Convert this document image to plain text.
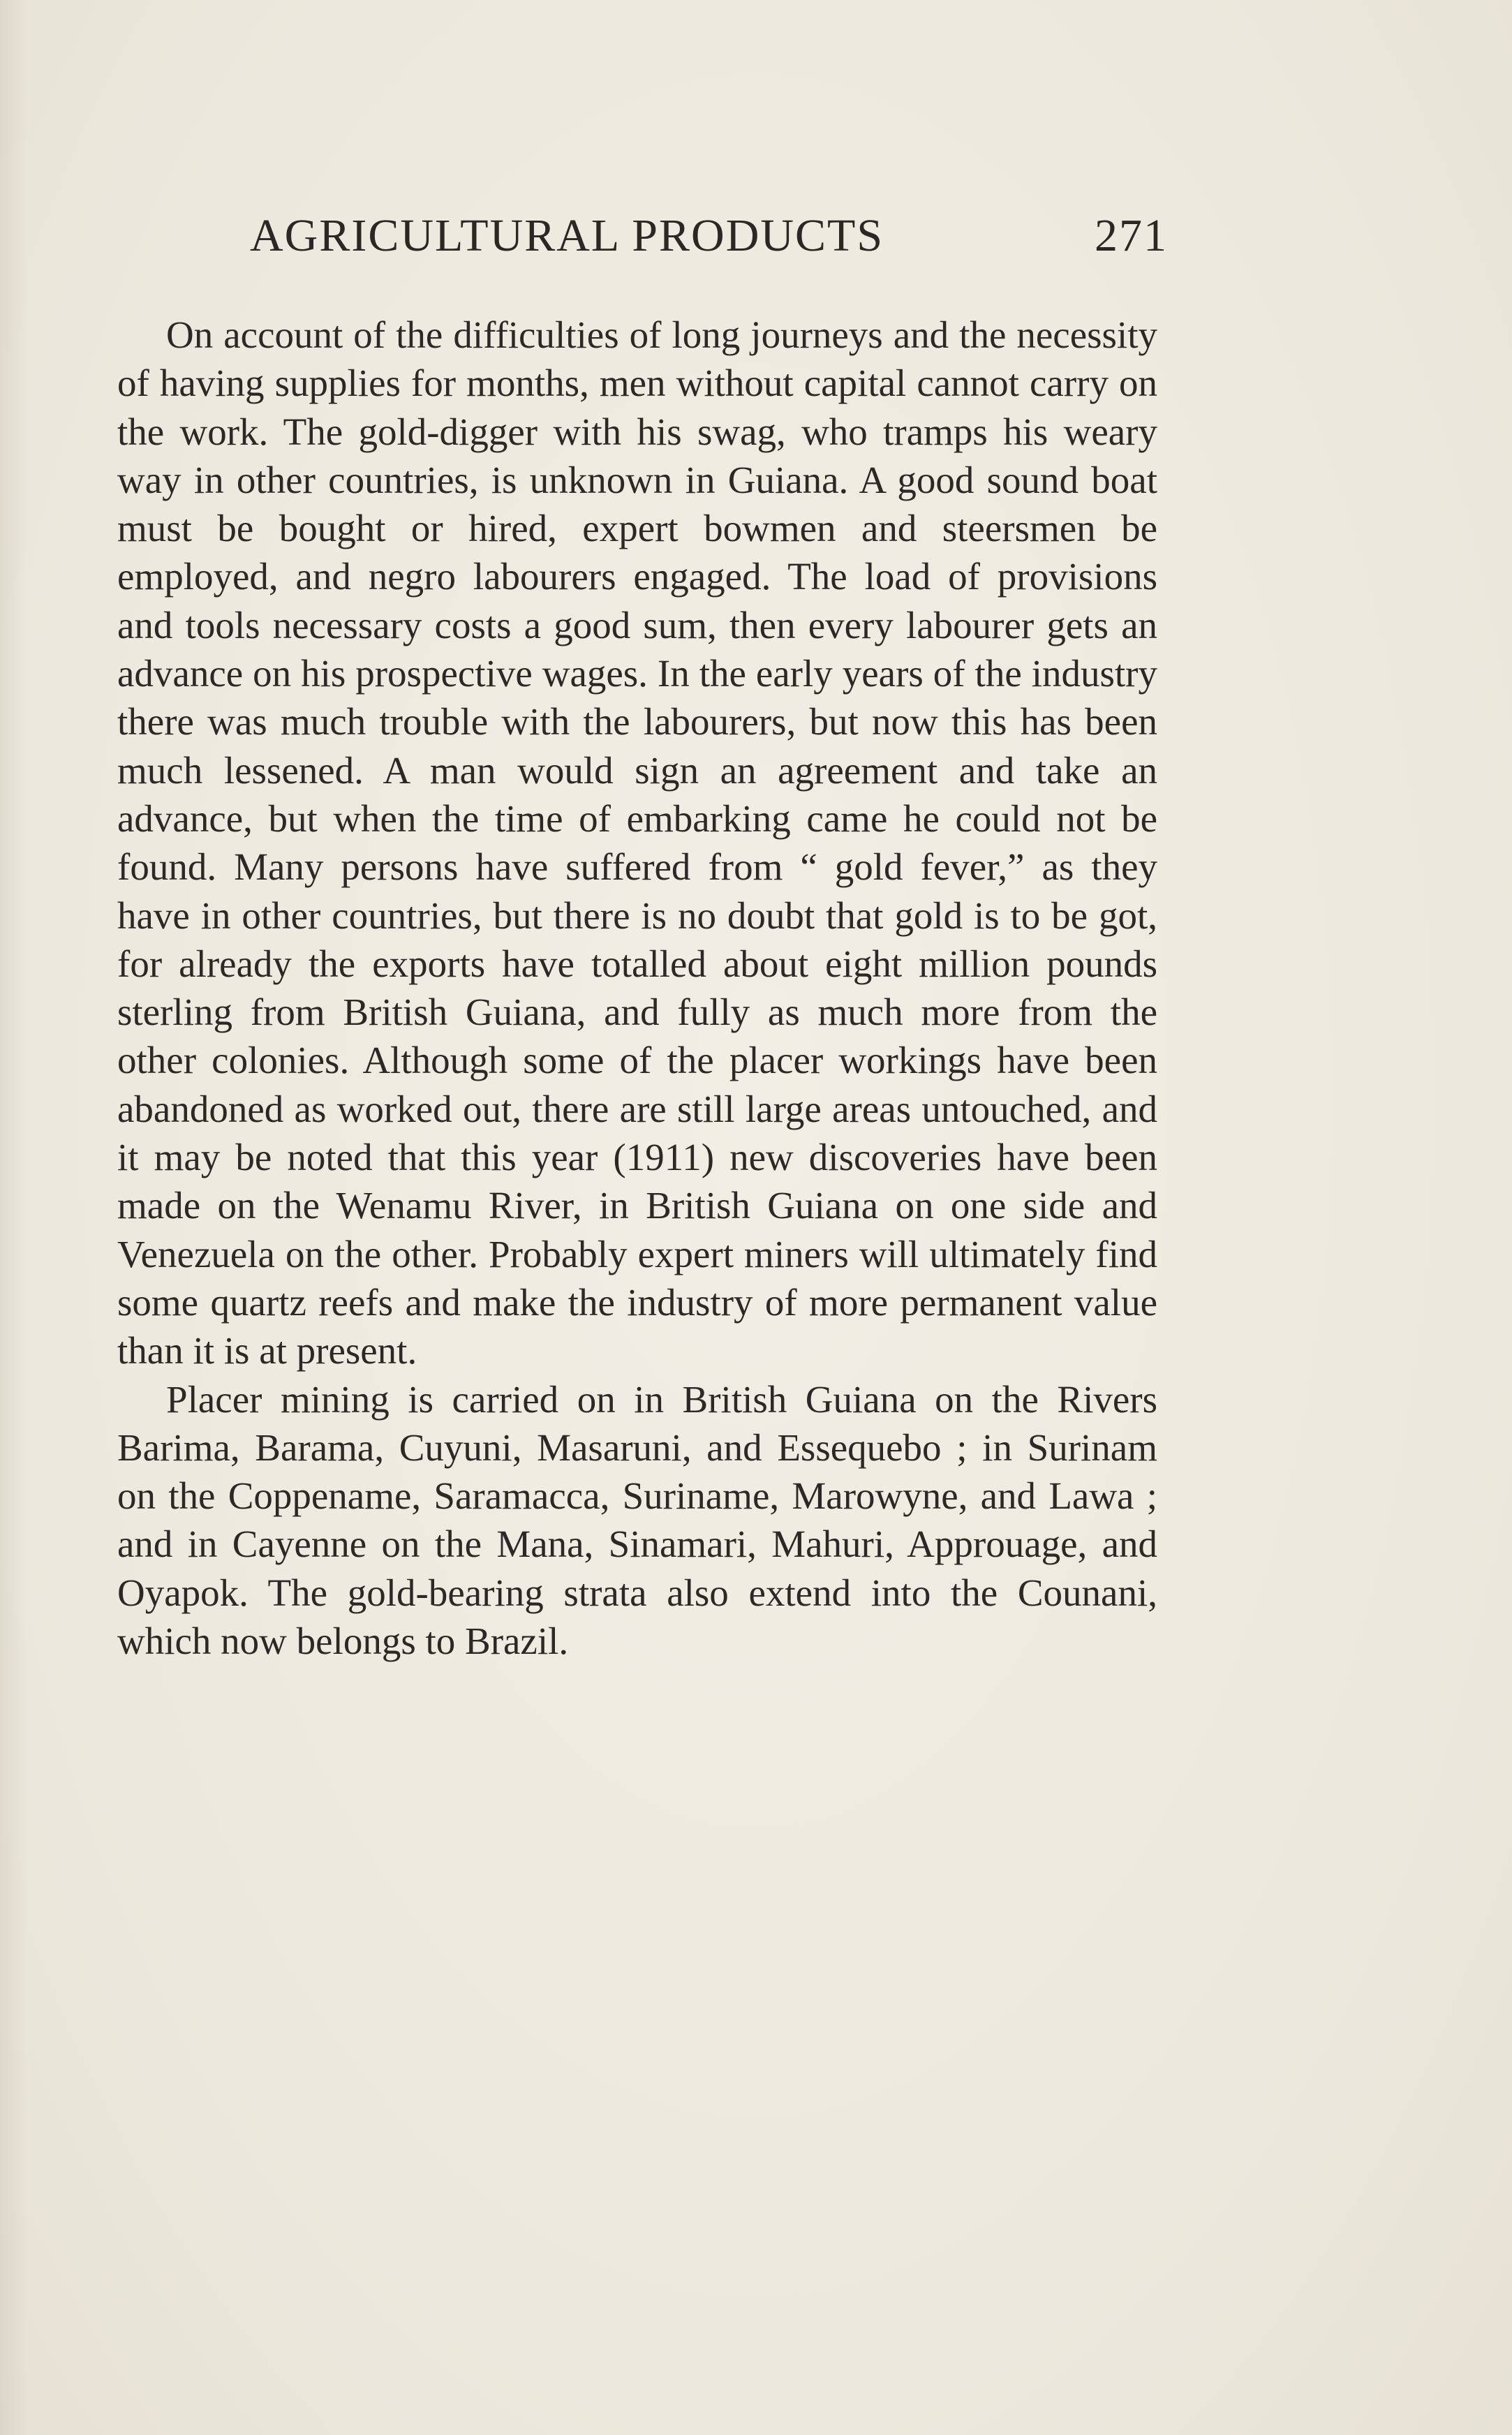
AGRICULTURAL PRODUCTS	271

On account of the difficulties of long journeys and the necessity of having supplies for months, men without capital cannot carry on the work. The gold-digger with his swag, who tramps his weary way in other countries, is unknown in Guiana. A good sound boat must be bought or hired, expert bowmen and steersmen be employed, and negro labourers engaged. The load of provisions and tools necessary costs a good sum, then every labourer gets an advance on his prospective wages. In the early years of the industry there was much trouble with the labourers, but now this has been much lessened. A man would sign an agreement and take an advance, but when the time of embarking came he could not be found. Many persons have suffered from “ gold fever,” as they have in other countries, but there is no doubt that gold is to be got, for already the exports have totalled about eight million pounds sterling from British Guiana, and fully as much more from the other colonies. Although some of the placer workings have been abandoned as worked out, there are still large areas untouched, and it may be noted that this year (1911) new discoveries have been made on the Wenamu River, in British Guiana on one side and Venezuela on the other. Probably expert miners will ultimately find some quartz reefs and make the industry of more permanent value than it is at present.

Placer mining is carried on in British Guiana on the Rivers Barima, Barama, Cuyuni, Masaruni, and Essequebo ; in Surinam on the Coppename, Saramacca, Suriname, Marowyne, and Lawa ; and in Cayenne on the Mana, Sinamari, Mahuri, Approuage, and Oyapok. The gold-bearing strata also extend into the Counani, which now belongs to Brazil.
